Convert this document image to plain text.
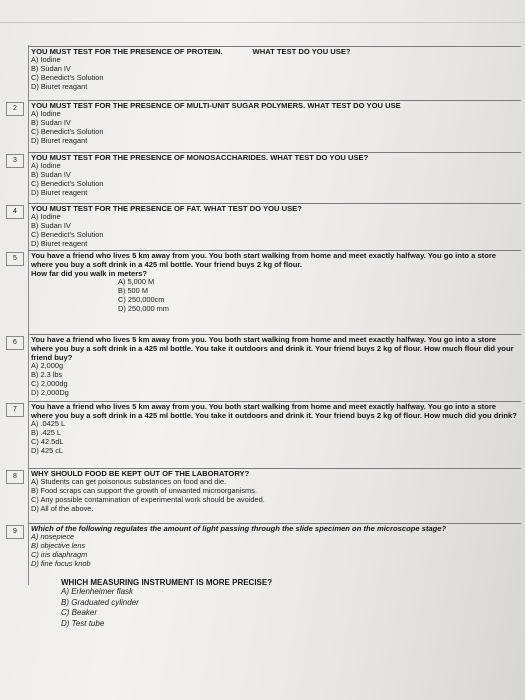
YOU MUST TEST FOR THE PRESENCE OF PROTEIN.	WHAT TEST DO YOU USE?
A) Iodine
B) Sudan IV
C) Benedict's Solution
D) Biuret reagant
2	YOU MUST TEST FOR THE PRESENCE OF MULTI-UNIT SUGAR POLYMERS. WHAT TEST DO YOU USE
A) Iodine
B) Sudan IV
C) Benedict's Solution
D) Biuret reagant
3	YOU MUST TEST FOR THE PRESENCE OF MONOSACCHARIDES. WHAT TEST DO YOU USE?
A) Iodine
B) Sudan IV
C) Benedict's Solution
D) Biuret reagent
4	YOU MUST TEST FOR THE PRESENCE OF FAT. WHAT TEST DO YOU USE?
A) Iodine
B) Sudan IV
C) Benedict's Solution
D) Biuret reagent
5	You have a friend who lives 5 km away from you. You both start walking from home and meet exactly halfway. You go into a store where you buy a soft drink in a 425 ml bottle. Your friend buys 2 kg of flour.
How far did you walk in meters?
A) 5,000 M
B) 500 M
C) 250,000cm
D) 250,000 mm
6	You have a friend who lives 5 km away from you. You both start walking from home and meet exactly halfway. You go into a store where you buy a soft drink in a 425 ml bottle. You take it outdoors and drink it. Your friend buys 2 kg of flour. How much flour did your friend buy?
A) 2,000g
B) 2.3 lbs
C) 2,000dg
D) 2,000Dg
7	You have a friend who lives 5 km away from you. You both start walking from home and meet exactly halfway. You go into a store where you buy a soft drink in a 425 ml bottle. You take it outdoors and drink it. Your friend buys 2 kg of flour. How much did you drink?
A) .0425 L
B) .425 L
C) 42.5dL
D) 425 cL
8	WHY SHOULD FOOD BE KEPT OUT OF THE LABORATORY?
A) Students can get poisonous substances on food and die.
B) Food scraps can support the growth of unwanted microorganisms.
C) Any possible contamination of experimental work should be avoided.
D) All of the above.
9	Which of the following regulates the amount of light passing through the slide specimen on the microscope stage?
A) nosepiece
B) objective lens
C) iris diaphragm
D) fine focus knob
WHICH MEASURING INSTRUMENT IS MORE PRECISE?
A) Erlenheimer flask
B) Graduated cylinder
C) Beaker
D) Test tube
